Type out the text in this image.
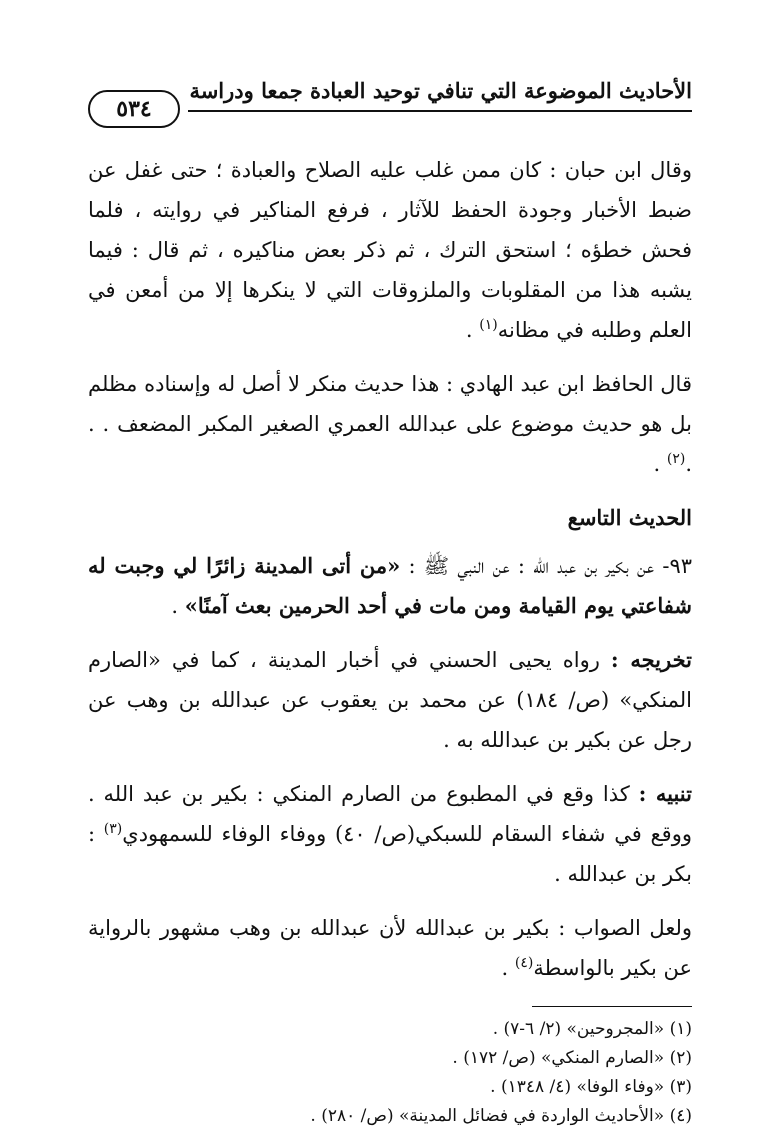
الأحاديث الموضوعة التي تنافي توحيد العبادة جمعا ودراسة
٥٣٤

وقال ابن حبان : كان ممن غلب عليه الصلاح والعبادة ؛ حتى غفل عن ضبط الأخبار وجودة الحفظ للآثار ، فرفع المناكير في روايته ، فلما فحش خطؤه ؛ استحق الترك ، ثم ذكر بعض مناكيره ، ثم قال : فيما يشبه هذا من المقلوبات والملزوقات التي لا ينكرها إلا من أمعن في العلم وطلبه في مظانه$^{(١)}$ .

قال الحافظ ابن عبد الهادي : هذا حديث منكر لا أصل له وإسناده مظلم بل هو حديث موضوع على عبدالله العمري الصغير المكبر المضعف . . .$^{(٢)}$ .

الحديث التاسع

٩٣- عن بكير بن عبد الله : عن النبي ﷺ : «من أتى المدينة زائرًا لي وجبت له شفاعتي يوم القيامة ومن مات في أحد الحرمين بعث آمنًا» .

تخريجه : رواه يحيى الحسني في أخبار المدينة ، كما في «الصارم المنكي» (ص/ ١٨٤) عن محمد بن يعقوب عن عبدالله بن وهب عن رجل عن بكير بن عبدالله به .

تنبيه : كذا وقع في المطبوع من الصارم المنكي : بكير بن عبد الله . ووقع في شفاء السقام للسبكي(ص/ ٤٠) ووفاء الوفاء للسمهودي$^{(٣)}$ : بكر بن عبدالله .

ولعل الصواب : بكير بن عبدالله لأن عبدالله بن وهب مشهور بالرواية عن بكير بالواسطة$^{(٤)}$ .

(١) «المجروحين» (٢/ ٦-٧) .
(٢) «الصارم المنكي» (ص/ ١٧٢) .
(٣) «وفاء الوفا» (٤/ ١٣٤٨) .
(٤) «الأحاديث الواردة في فضائل المدينة» (ص/ ٢٨٠) .
